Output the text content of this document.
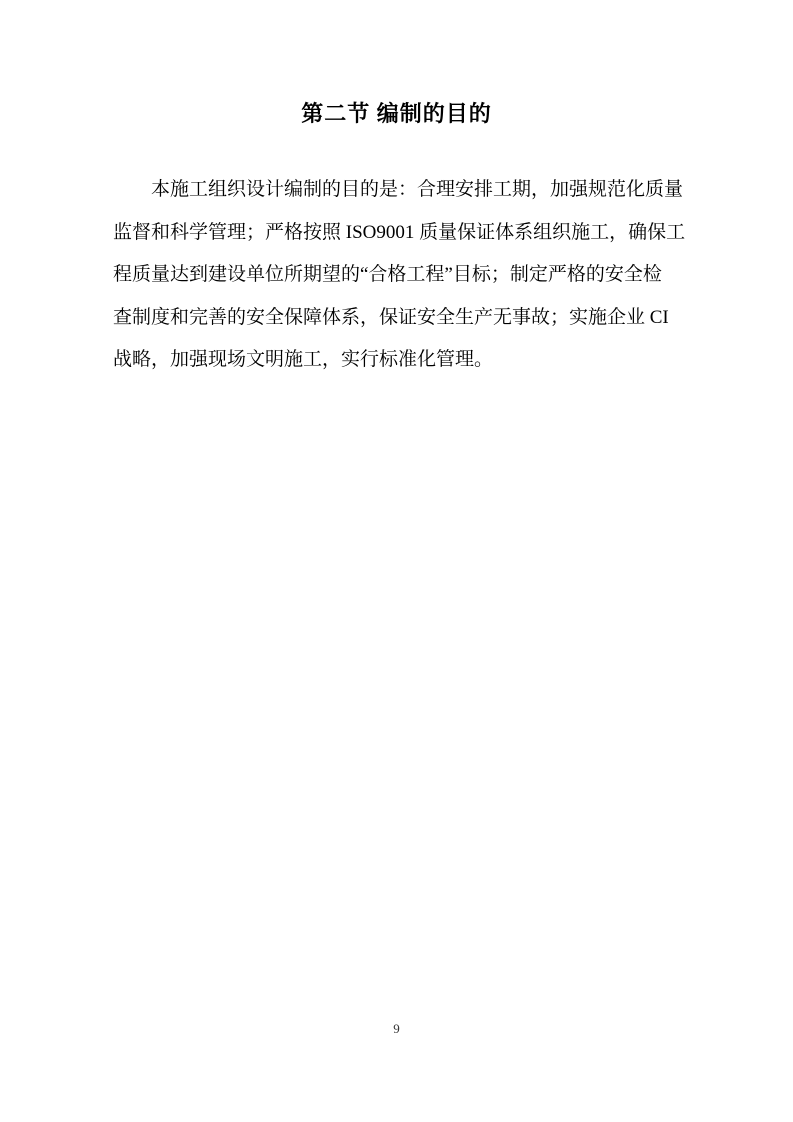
第二节 编制的目的
本施工组织设计编制的目的是：合理安排工期，加强规范化质量
监督和科学管理；严格按照 ISO9001 质量保证体系组织施工，确保工
程质量达到建设单位所期望的“合格工程”目标；制定严格的安全检
查制度和完善的安全保障体系，保证安全生产无事故；实施企业 CI
战略，加强现场文明施工，实行标准化管理。
9
